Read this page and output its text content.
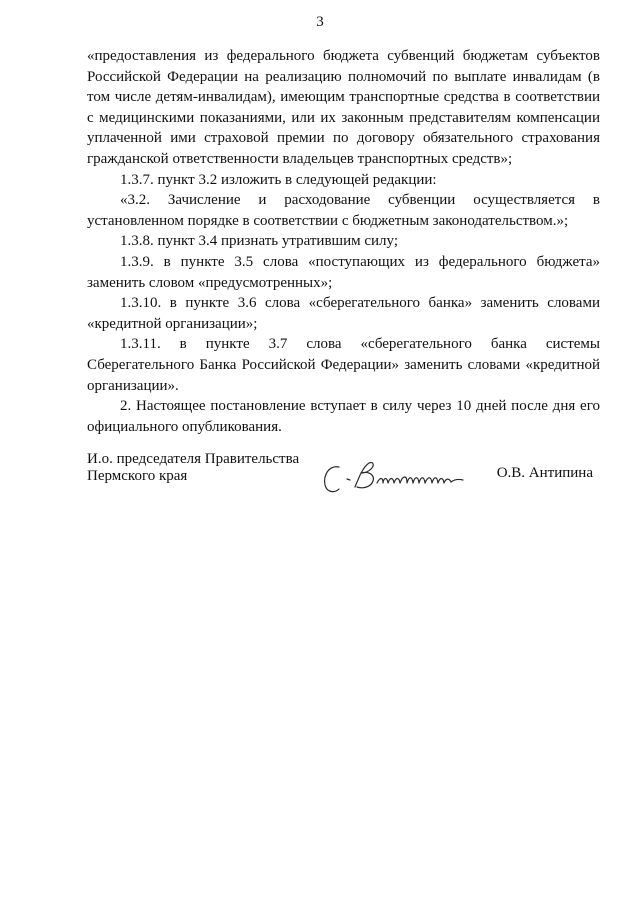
3

«предоставления из федерального бюджета субвенций бюджетам субъектов Российской Федерации на реализацию полномочий по выплате инвалидам (в том числе детям-инвалидам), имеющим транспортные средства в соответствии с медицинскими показаниями, или их законным представителям компенсации уплаченной ими страховой премии по договору обязательного страхования гражданской ответственности владельцев транспортных средств»;

1.3.7. пункт 3.2 изложить в следующей редакции:

«3.2. Зачисление и расходование субвенции осуществляется в установленном порядке в соответствии с бюджетным законодательством.»;

1.3.8. пункт 3.4 признать утратившим силу;

1.3.9. в пункте 3.5 слова «поступающих из федерального бюджета» заменить словом «предусмотренных»;

1.3.10. в пункте 3.6 слова «сберегательного банка» заменить словами «кредитной организации»;

1.3.11. в пункте 3.7 слова «сберегательного банка системы Сберегательного Банка Российской Федерации» заменить словами «кредитной организации».

2. Настоящее постановление вступает в силу через 10 дней после дня его официального опубликования.

И.о. председателя Правительства
Пермского края	О.В. Антипина
